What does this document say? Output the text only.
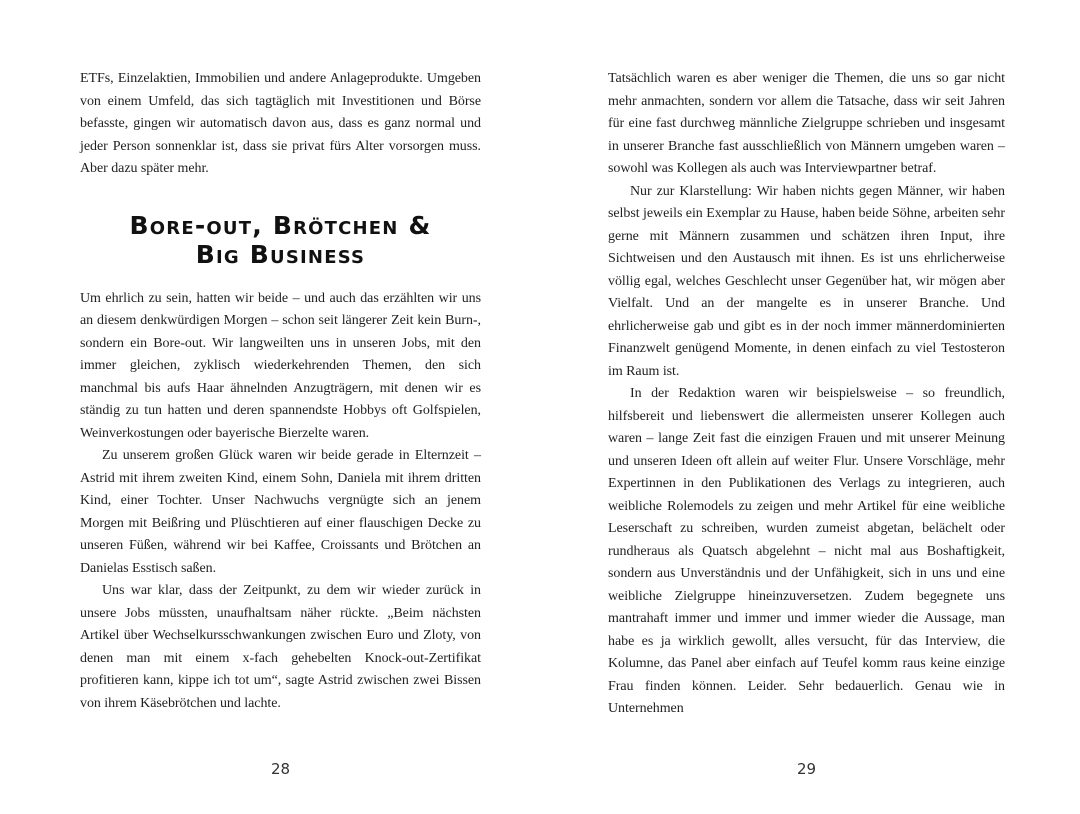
ETFs, Einzelaktien, Immobilien und andere Anlageprodukte. Umgeben von einem Umfeld, das sich tagtäglich mit Investitionen und Börse befasste, gingen wir automatisch davon aus, dass es ganz normal und jeder Person sonnenklar ist, dass sie privat fürs Alter vorsorgen muss. Aber dazu später mehr.

Bore-out, Brötchen &
Big Business

Um ehrlich zu sein, hatten wir beide – und auch das erzählten wir uns an diesem denkwürdigen Morgen – schon seit längerer Zeit kein Burn-, sondern ein Bore-out. Wir langweilten uns in unseren Jobs, mit den immer gleichen, zyklisch wiederkehrenden Themen, den sich manchmal bis aufs Haar ähnelnden Anzugträgern, mit denen wir es ständig zu tun hatten und deren spannendste Hobbys oft Golfspielen, Weinverkostungen oder bayerische Bierzelte waren.

Zu unserem großen Glück waren wir beide gerade in Elternzeit – Astrid mit ihrem zweiten Kind, einem Sohn, Daniela mit ihrem dritten Kind, einer Tochter. Unser Nachwuchs vergnügte sich an jenem Morgen mit Beißring und Plüschtieren auf einer flauschigen Decke zu unseren Füßen, während wir bei Kaffee, Croissants und Brötchen an Danielas Esstisch saßen.

Uns war klar, dass der Zeitpunkt, zu dem wir wieder zurück in unsere Jobs müssten, unaufhaltsam näher rückte. „Beim nächsten Artikel über Wechselkursschwankungen zwischen Euro und Zloty, von denen man mit einem x-fach gehebelten Knock-out-Zertifikat profitieren kann, kippe ich tot um“, sagte Astrid zwischen zwei Bissen von ihrem Käsebrötchen und lachte.

Tatsächlich waren es aber weniger die Themen, die uns so gar nicht mehr anmachten, sondern vor allem die Tatsache, dass wir seit Jahren für eine fast durchweg männliche Zielgruppe schrieben und insgesamt in unserer Branche fast ausschließlich von Männern umgeben waren – sowohl was Kollegen als auch was Interviewpartner betraf.

Nur zur Klarstellung: Wir haben nichts gegen Männer, wir haben selbst jeweils ein Exemplar zu Hause, haben beide Söhne, arbeiten sehr gerne mit Männern zusammen und schätzen ihren Input, ihre Sichtweisen und den Austausch mit ihnen. Es ist uns ehrlicherweise völlig egal, welches Geschlecht unser Gegenüber hat, wir mögen aber Vielfalt. Und an der mangelte es in unserer Branche. Und ehrlicherweise gab und gibt es in der noch immer männerdominierten Finanzwelt genügend Momente, in denen einfach zu viel Testosteron im Raum ist.

In der Redaktion waren wir beispielsweise – so freundlich, hilfsbereit und liebenswert die allermeisten unserer Kollegen auch waren – lange Zeit fast die einzigen Frauen und mit unserer Meinung und unseren Ideen oft allein auf weiter Flur. Unsere Vorschläge, mehr Expertinnen in den Publikationen des Verlags zu integrieren, auch weibliche Rolemodels zu zeigen und mehr Artikel für eine weibliche Leserschaft zu schreiben, wurden zumeist abgetan, belächelt oder rundheraus als Quatsch abgelehnt – nicht mal aus Boshaftigkeit, sondern aus Unverständnis und der Unfähigkeit, sich in uns und eine weibliche Zielgruppe hineinzuversetzen. Zudem begegnete uns mantrahaft immer und immer und immer wieder die Aussage, man habe es ja wirklich gewollt, alles versucht, für das Interview, die Kolumne, das Panel aber einfach auf Teufel komm raus keine einzige Frau finden können. Leider. Sehr bedauerlich. Genau wie in Unternehmen

28	29
